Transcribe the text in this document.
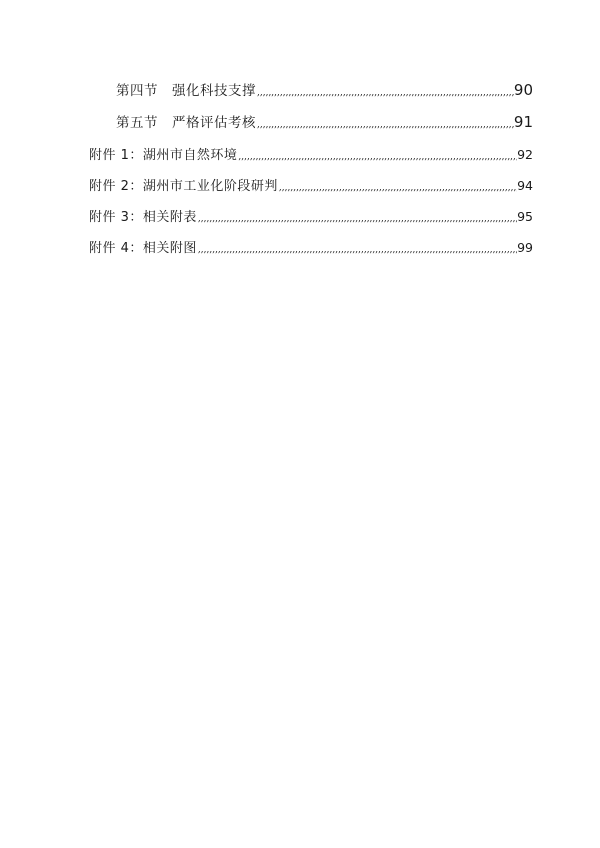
第四节 强化科技支撑 ,,,,,,,,,,,,,,,,,,,,,,,,,,,,,,,,,,,,,,,,,,,,,,,,,,,,,,,,,,,,,,,,,,,,,,,,,,,,,,,,,,,,,,,,,,,,,,,,,,,,,,,,,,,,,,,,,,,,,,,,,,,,,,,,,,,,,,,,,,,,,,,	90
第五节 严格评估考核 ,,,,,,,,,,,,,,,,,,,,,,,,,,,,,,,,,,,,,,,,,,,,,,,,,,,,,,,,,,,,,,,,,,,,,,,,,,,,,,,,,,,,,,,,,,,,,,,,,,,,,,,,,,,,,,,,,,,,,,,,,,,,,,,,,,,,,,,,,,,,,,,	91
附件 1：湖州市自然环境 ,,,,,,,,,,,,,,,,,,,,,,,,,,,,,,,,,,,,,,,,,,,,,,,,,,,,,,,,,,,,,,,,,,,,,,,,,,,,,,,,,,,,,,,,,,,,,,,,,,,,,,,,,,,,,,,,,,,,,,,,,,,,,,,,,,,,,,,,,,,,,,,	92
附件 2：湖州市工业化阶段研判 ,,,,,,,,,,,,,,,,,,,,,,,,,,,,,,,,,,,,,,,,,,,,,,,,,,,,,,,,,,,,,,,,,,,,,,,,,,,,,,,,,,,,,,,,,,,,,,,,,,,,,,,,,,,,,,,,,,,,,,,,,,,,,,,,,,,,,,,,,,,,,,,	94
附件 3：相关附表 ,,,,,,,,,,,,,,,,,,,,,,,,,,,,,,,,,,,,,,,,,,,,,,,,,,,,,,,,,,,,,,,,,,,,,,,,,,,,,,,,,,,,,,,,,,,,,,,,,,,,,,,,,,,,,,,,,,,,,,,,,,,,,,,,,,,,,,,,,,,,,,,	95
附件 4：相关附图 ,,,,,,,,,,,,,,,,,,,,,,,,,,,,,,,,,,,,,,,,,,,,,,,,,,,,,,,,,,,,,,,,,,,,,,,,,,,,,,,,,,,,,,,,,,,,,,,,,,,,,,,,,,,,,,,,,,,,,,,,,,,,,,,,,,,,,,,,,,,,,,,	99
